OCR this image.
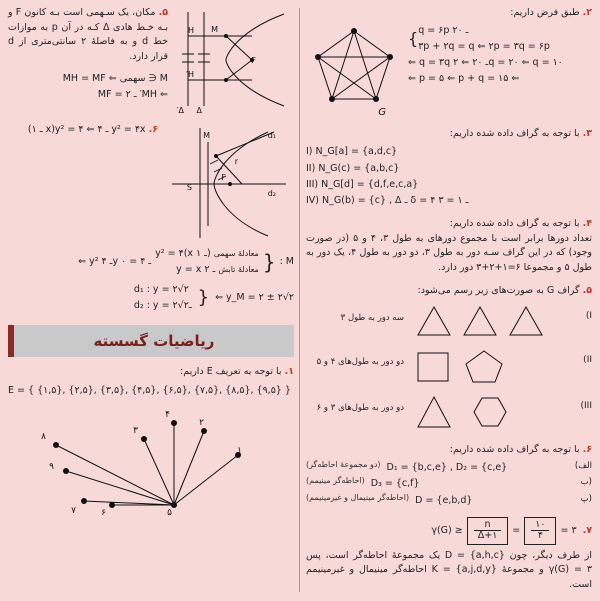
۲. طبق فرض داریم:
{ q = ۶p ـ ۲۰
۳p + ۲q = q ⇐ ۲p = ۳q = ۶p
⇐ q = ۳q ـ ۲۰ ⇐ ۲q = ۲۰ ⇐ q = ۱۰
⇐ p = ۵ ⇐ p + q = ۱۵ ⇐
G
۳. با توجه به گراف داده شده داریم:
I) N_G[a] = {a,d,c}
II) N_G(c) = {a,b,c}
III) N_G[d] = {d,f,e,c,a}
IV) N_G(b) = {c} , Δ ـ δ = ۴ ـ ۱ = ۳
۴. با توجه به گراف داده شده داریم:
تعداد دورها برابر است با مجموع دورهای به طول ۳، ۴ و ۵ (در صورت وجود) که در این گراف سـه دور به طول ۳، دو دور به طول ۴، یک دور به طول ۵ و مجموعا ۶=۱+۲+۳ دور دارد.
۵. گراف G به صورت‌های زیر رسم می‌شود:
I)
سه دور به طول ۳
II)
دو دور به طول‌های ۴ و ۵
III)
دو دور به طول‌های ۳ و ۶
۶. با توجه به گراف داده شده داریم:
الف)
D₁ = {b,c,e} , D₂ = {c,e}
(دو مجموعهٔ احاطه‌گر)
(ب
D₃ = {c,f}
(احاطه‌گر مینیمم)
(پ
D = {e,b,d}
(احاطه‌گر مینیمال و غیرمینیمم)
۷.
$\gamma(G) \ge \frac{n}{\Delta+۱}$ =
۱۰
۴
= ۳
از طرف دیگر، چون D = {a,h,c} یک مجموعهٔ احاطه‌گر است، پس γ(G) = ۳ و مجموعهٔ K = {a,j,d,y} احاطه‌گر مینیمال و غیرمینیمم است.
M
F
H
H′
Δ′ Δ
۵. مکان، یک سـهمی است بـه کانون F و بـه خـط هادی Δ کـه در آن p به موازات خط d و به فاصلهٔ ۲ سانتی‌متری از d قرار دارد.
M ∈ سهمی ⇐ MH = MF
⇐ MH′ ـ ۲ = MF
M	d₁
d₂
S
F
r
۶. y² = ۴x ـ ۴ ⇐ y² = ۴(x ـ ۱)
M :
{
معادلهٔ سهمی y² = ۴(x ـ ۱)
معادلهٔ تابش y = x ـ ۲
⇐ y² ـ ۴y ـ ۴ = ۰
⇐ y_M = ۲ ± ۲√۲
{
d₁ : y = ۲√۲
d₂ : y = ـ۲√۲
ریاضیات گسسته
۱. با توجه به تعریف E داریم:
E = { {۱,۵}, {۲,۵}, {۳,۵}, {۴,۵}, {۶,۵}, {۷,۵}, {۸,۵}, {۹,۵} }
۸
۹
۷	۶
۳
۴
۲
۱
۵
